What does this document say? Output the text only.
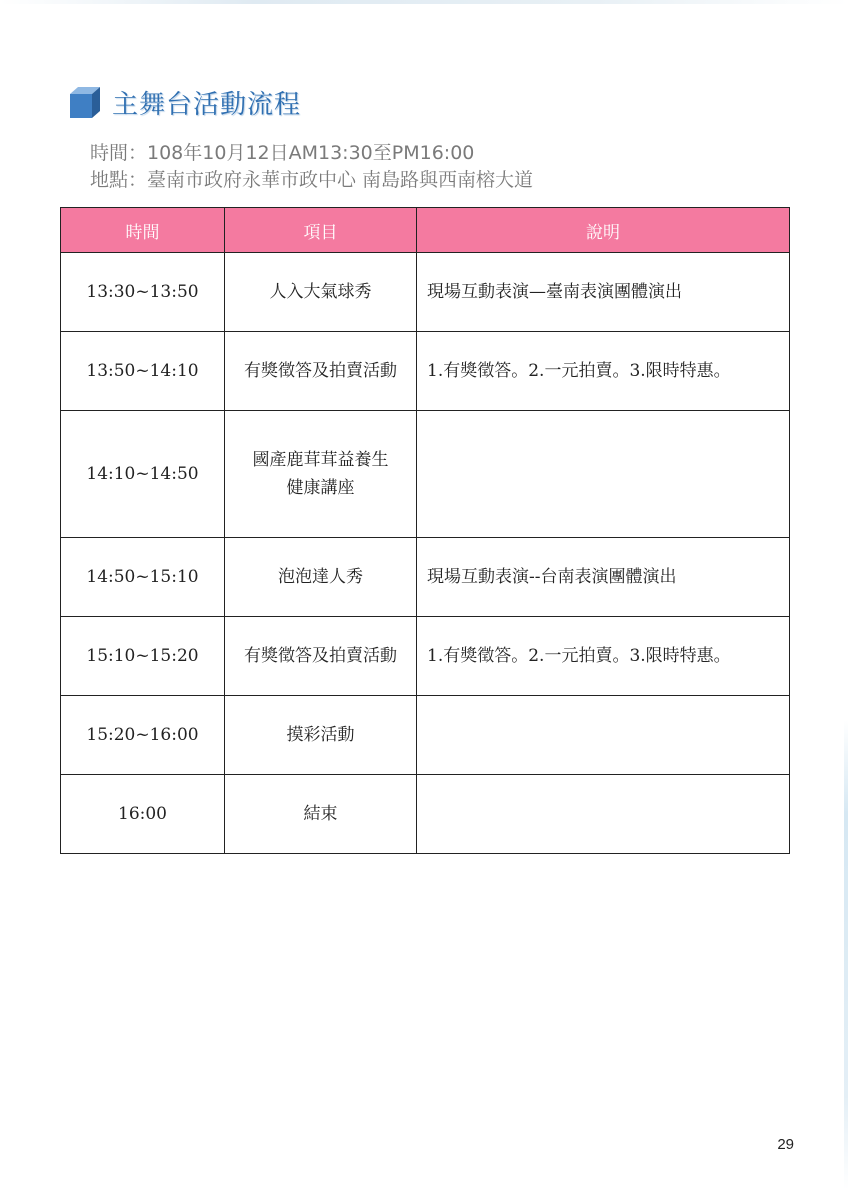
主舞台活動流程
時間：108年10月12日AM13:30至PM16:00
地點：臺南市政府永華市政中心 南島路與西南榕大道
時間	項目	說明
13:30~13:50	人入大氣球秀	現場互動表演—臺南表演團體演出
13:50~14:10	有獎徵答及拍賣活動	1.有獎徵答。2.一元拍賣。3.限時特惠。
14:10~14:50	國產鹿茸茸益養生健康講座	
14:50~15:10	泡泡達人秀	現場互動表演--台南表演團體演出
15:10~15:20	有獎徵答及拍賣活動	1.有獎徵答。2.一元拍賣。3.限時特惠。
15:20~16:00	摸彩活動	
16:00	結束	
29
